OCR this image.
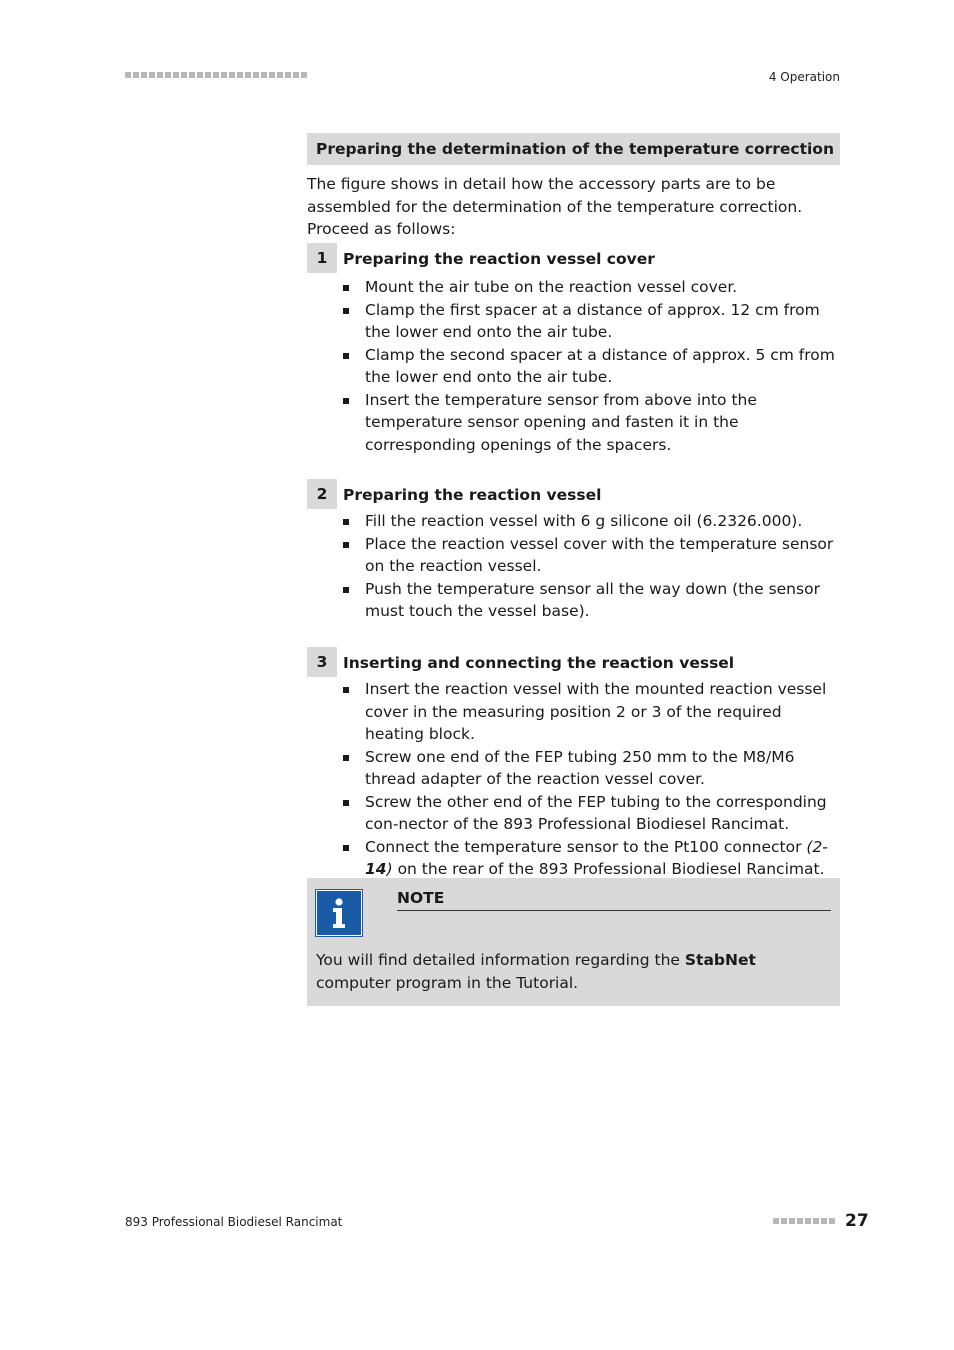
4 Operation
Preparing the determination of the temperature correction
The figure shows in detail how the accessory parts are to be assembled for the determination of the temperature correction. Proceed as follows:
1	Preparing the reaction vessel cover
Mount the air tube on the reaction vessel cover.
Clamp the first spacer at a distance of approx. 12 cm from the lower end onto the air tube.
Clamp the second spacer at a distance of approx. 5 cm from the lower end onto the air tube.
Insert the temperature sensor from above into the temperature sensor opening and fasten it in the corresponding openings of the spacers.
2	Preparing the reaction vessel
Fill the reaction vessel with 6 g silicone oil (6.2326.000).
Place the reaction vessel cover with the temperature sensor on the reaction vessel.
Push the temperature sensor all the way down (the sensor must touch the vessel base).
3	Inserting and connecting the reaction vessel
Insert the reaction vessel with the mounted reaction vessel cover in the measuring position 2 or 3 of the required heating block.
Screw one end of the FEP tubing 250 mm to the M8/M6 thread adapter of the reaction vessel cover.
Screw the other end of the FEP tubing to the corresponding con-nector of the 893 Professional Biodiesel Rancimat.
Connect the temperature sensor to the Pt100 connector (2-14) on the rear of the 893 Professional Biodiesel Rancimat.
NOTE
You will find detailed information regarding the StabNet computer program in the Tutorial.
893 Professional Biodiesel Rancimat	27
